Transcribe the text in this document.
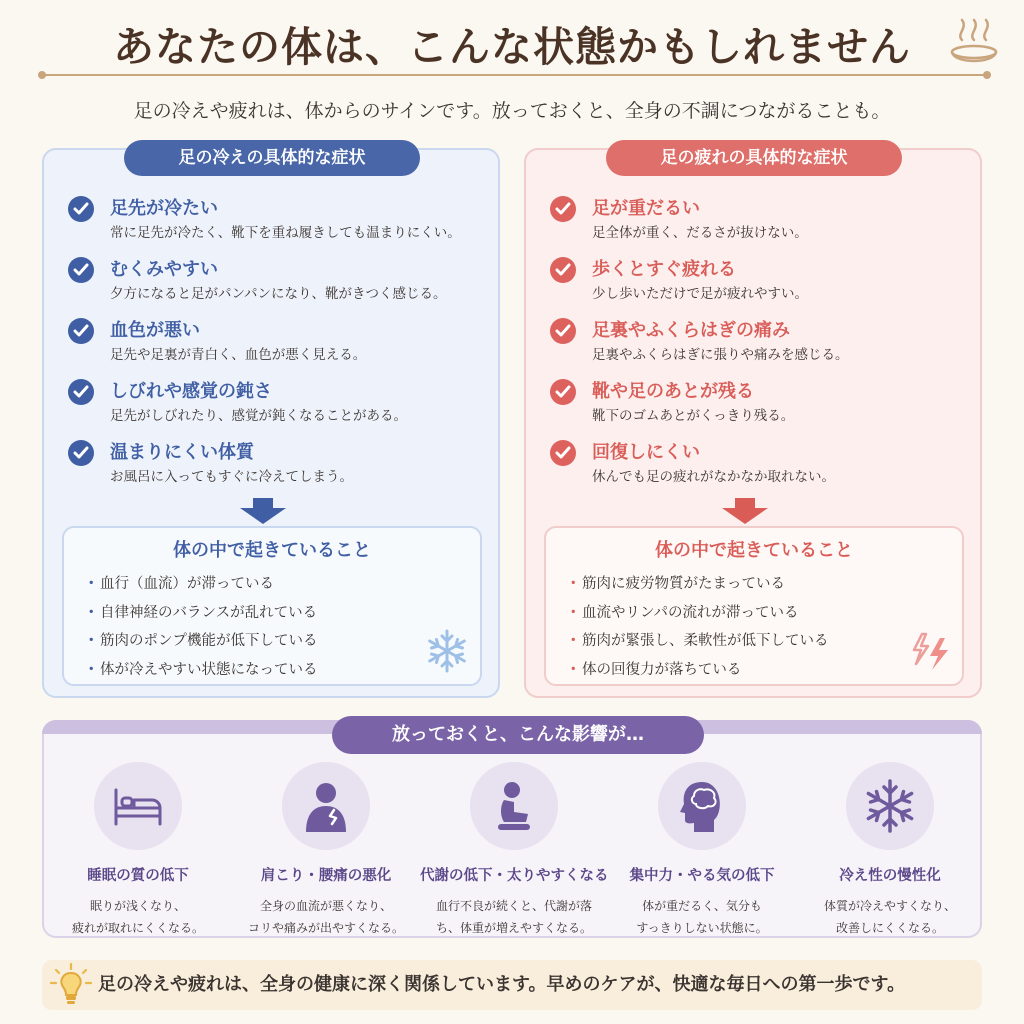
あなたの体は、こんな状態かもしれません
足の冷えや疲れは、体からのサインです。放っておくと、全身の不調につながることも。
足の冷えの具体的な症状
足先が冷たい
常に足先が冷たく、靴下を重ね履きしても温まりにくい。
むくみやすい
夕方になると足がパンパンになり、靴がきつく感じる。
血色が悪い
足先や足裏が青白く、血色が悪く見える。
しびれや感覚の鈍さ
足先がしびれたり、感覚が鈍くなることがある。
温まりにくい体質
お風呂に入ってもすぐに冷えてしまう。
体の中で起きていること
・ 血行（血流）が滞っている
・ 自律神経のバランスが乱れている
・ 筋肉のポンプ機能が低下している
・ 体が冷えやすい状態になっている
足の疲れの具体的な症状
足が重だるい
足全体が重く、だるさが抜けない。
歩くとすぐ疲れる
少し歩いただけで足が疲れやすい。
足裏やふくらはぎの痛み
足裏やふくらはぎに張りや痛みを感じる。
靴や足のあとが残る
靴下のゴムあとがくっきり残る。
回復しにくい
休んでも足の疲れがなかなか取れない。
体の中で起きていること
・ 筋肉に疲労物質がたまっている
・ 血流やリンパの流れが滞っている
・ 筋肉が緊張し、柔軟性が低下している
・ 体の回復力が落ちている
放っておくと、こんな影響が…
睡眠の質の低下
眠りが浅くなり、
疲れが取れにくくなる。
肩こり・腰痛の悪化
全身の血流が悪くなり、
コリや痛みが出やすくなる。
代謝の低下・太りやすくなる
血行不良が続くと、代謝が落
ち、体重が増えやすくなる。
集中力・やる気の低下
体が重だるく、気分も
すっきりしない状態に。
冷え性の慢性化
体質が冷えやすくなり、
改善しにくくなる。
足の冷えや疲れは、全身の健康に深く関係しています。早めのケアが、快適な毎日への第一歩です。
